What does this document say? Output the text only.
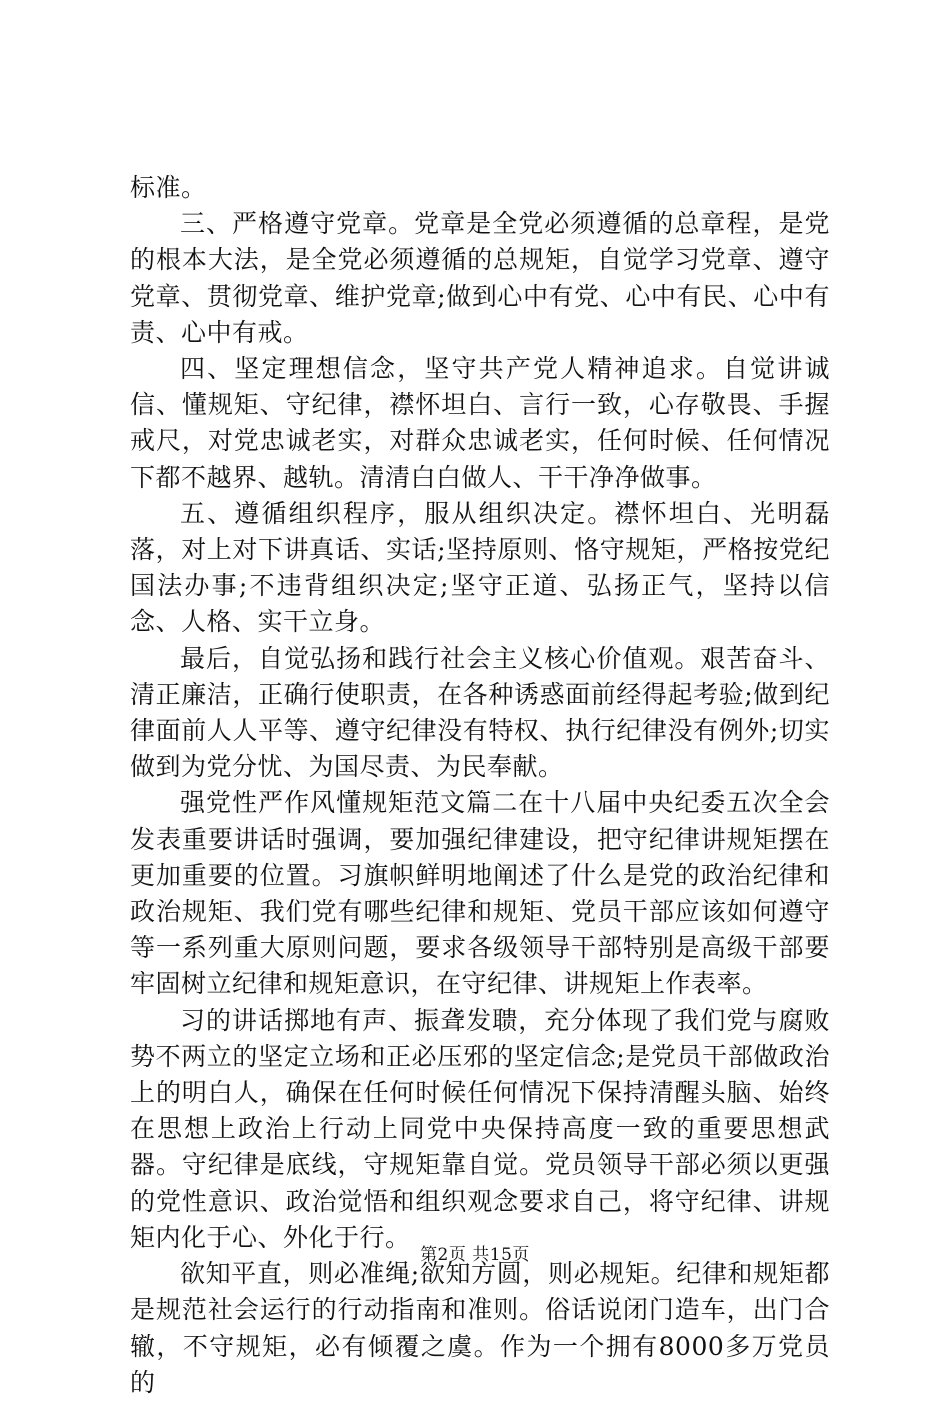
标准。

三、严格遵守党章。党章是全党必须遵循的总章程，是党的根本大法，是全党必须遵循的总规矩，自觉学习党章、遵守党章、贯彻党章、维护党章;做到心中有党、心中有民、心中有责、心中有戒。

四、坚定理想信念，坚守共产党人精神追求。自觉讲诚信、懂规矩、守纪律，襟怀坦白、言行一致，心存敬畏、手握戒尺，对党忠诚老实，对群众忠诚老实，任何时候、任何情况下都不越界、越轨。清清白白做人、干干净净做事。

五、遵循组织程序，服从组织决定。襟怀坦白、光明磊落，对上对下讲真话、实话;坚持原则、恪守规矩，严格按党纪国法办事;不违背组织决定;坚守正道、弘扬正气，坚持以信念、人格、实干立身。

最后，自觉弘扬和践行社会主义核心价值观。艰苦奋斗、清正廉洁，正确行使职责，在各种诱惑面前经得起考验;做到纪律面前人人平等、遵守纪律没有特权、执行纪律没有例外;切实做到为党分忧、为国尽责、为民奉献。

强党性严作风懂规矩范文篇二在十八届中央纪委五次全会发表重要讲话时强调，要加强纪律建设，把守纪律讲规矩摆在更加重要的位置。习旗帜鲜明地阐述了什么是党的政治纪律和政治规矩、我们党有哪些纪律和规矩、党员干部应该如何遵守等一系列重大原则问题，要求各级领导干部特别是高级干部要牢固树立纪律和规矩意识，在守纪律、讲规矩上作表率。

习的讲话掷地有声、振聋发聩，充分体现了我们党与腐败势不两立的坚定立场和正必压邪的坚定信念;是党员干部做政治上的明白人，确保在任何时候任何情况下保持清醒头脑、始终在思想上政治上行动上同党中央保持高度一致的重要思想武器。守纪律是底线，守规矩靠自觉。党员领导干部必须以更强的党性意识、政治觉悟和组织观念要求自己，将守纪律、讲规矩内化于心、外化于行。

欲知平直，则必准绳;欲知方圆，则必规矩。纪律和规矩都是规范社会运行的行动指南和准则。俗话说闭门造车，出门合辙，不守规矩，必有倾覆之虞。作为一个拥有8000多万党员的

第2页 共15页
